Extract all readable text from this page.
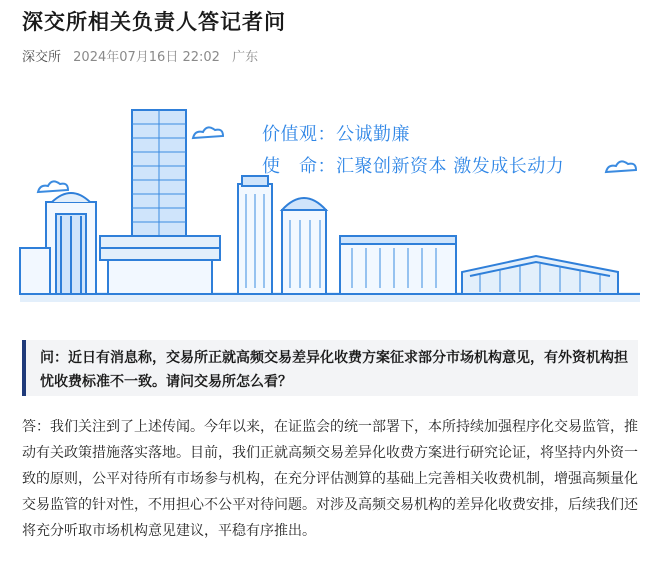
深交所相关负责人答记者问
深交所 2024年07月16日 22:02 广东
价值观：公诚勤廉
使　命：汇聚创新资本 激发成长动力
问：近日有消息称，交易所正就高频交易差异化收费方案征求部分市场机构意见，有外资机构担忧收费标准不一致。请问交易所怎么看？
答：我们关注到了上述传闻。今年以来，在证监会的统一部署下，本所持续加强程序化交易监管，推动有关政策措施落实落地。目前，我们正就高频交易差异化收费方案进行研究论证，将坚持内外资一致的原则，公平对待所有市场参与机构，在充分评估测算的基础上完善相关收费机制，增强高频量化交易监管的针对性，不用担心不公平对待问题。对涉及高频交易机构的差异化收费安排，后续我们还将充分听取市场机构意见建议，平稳有序推出。
